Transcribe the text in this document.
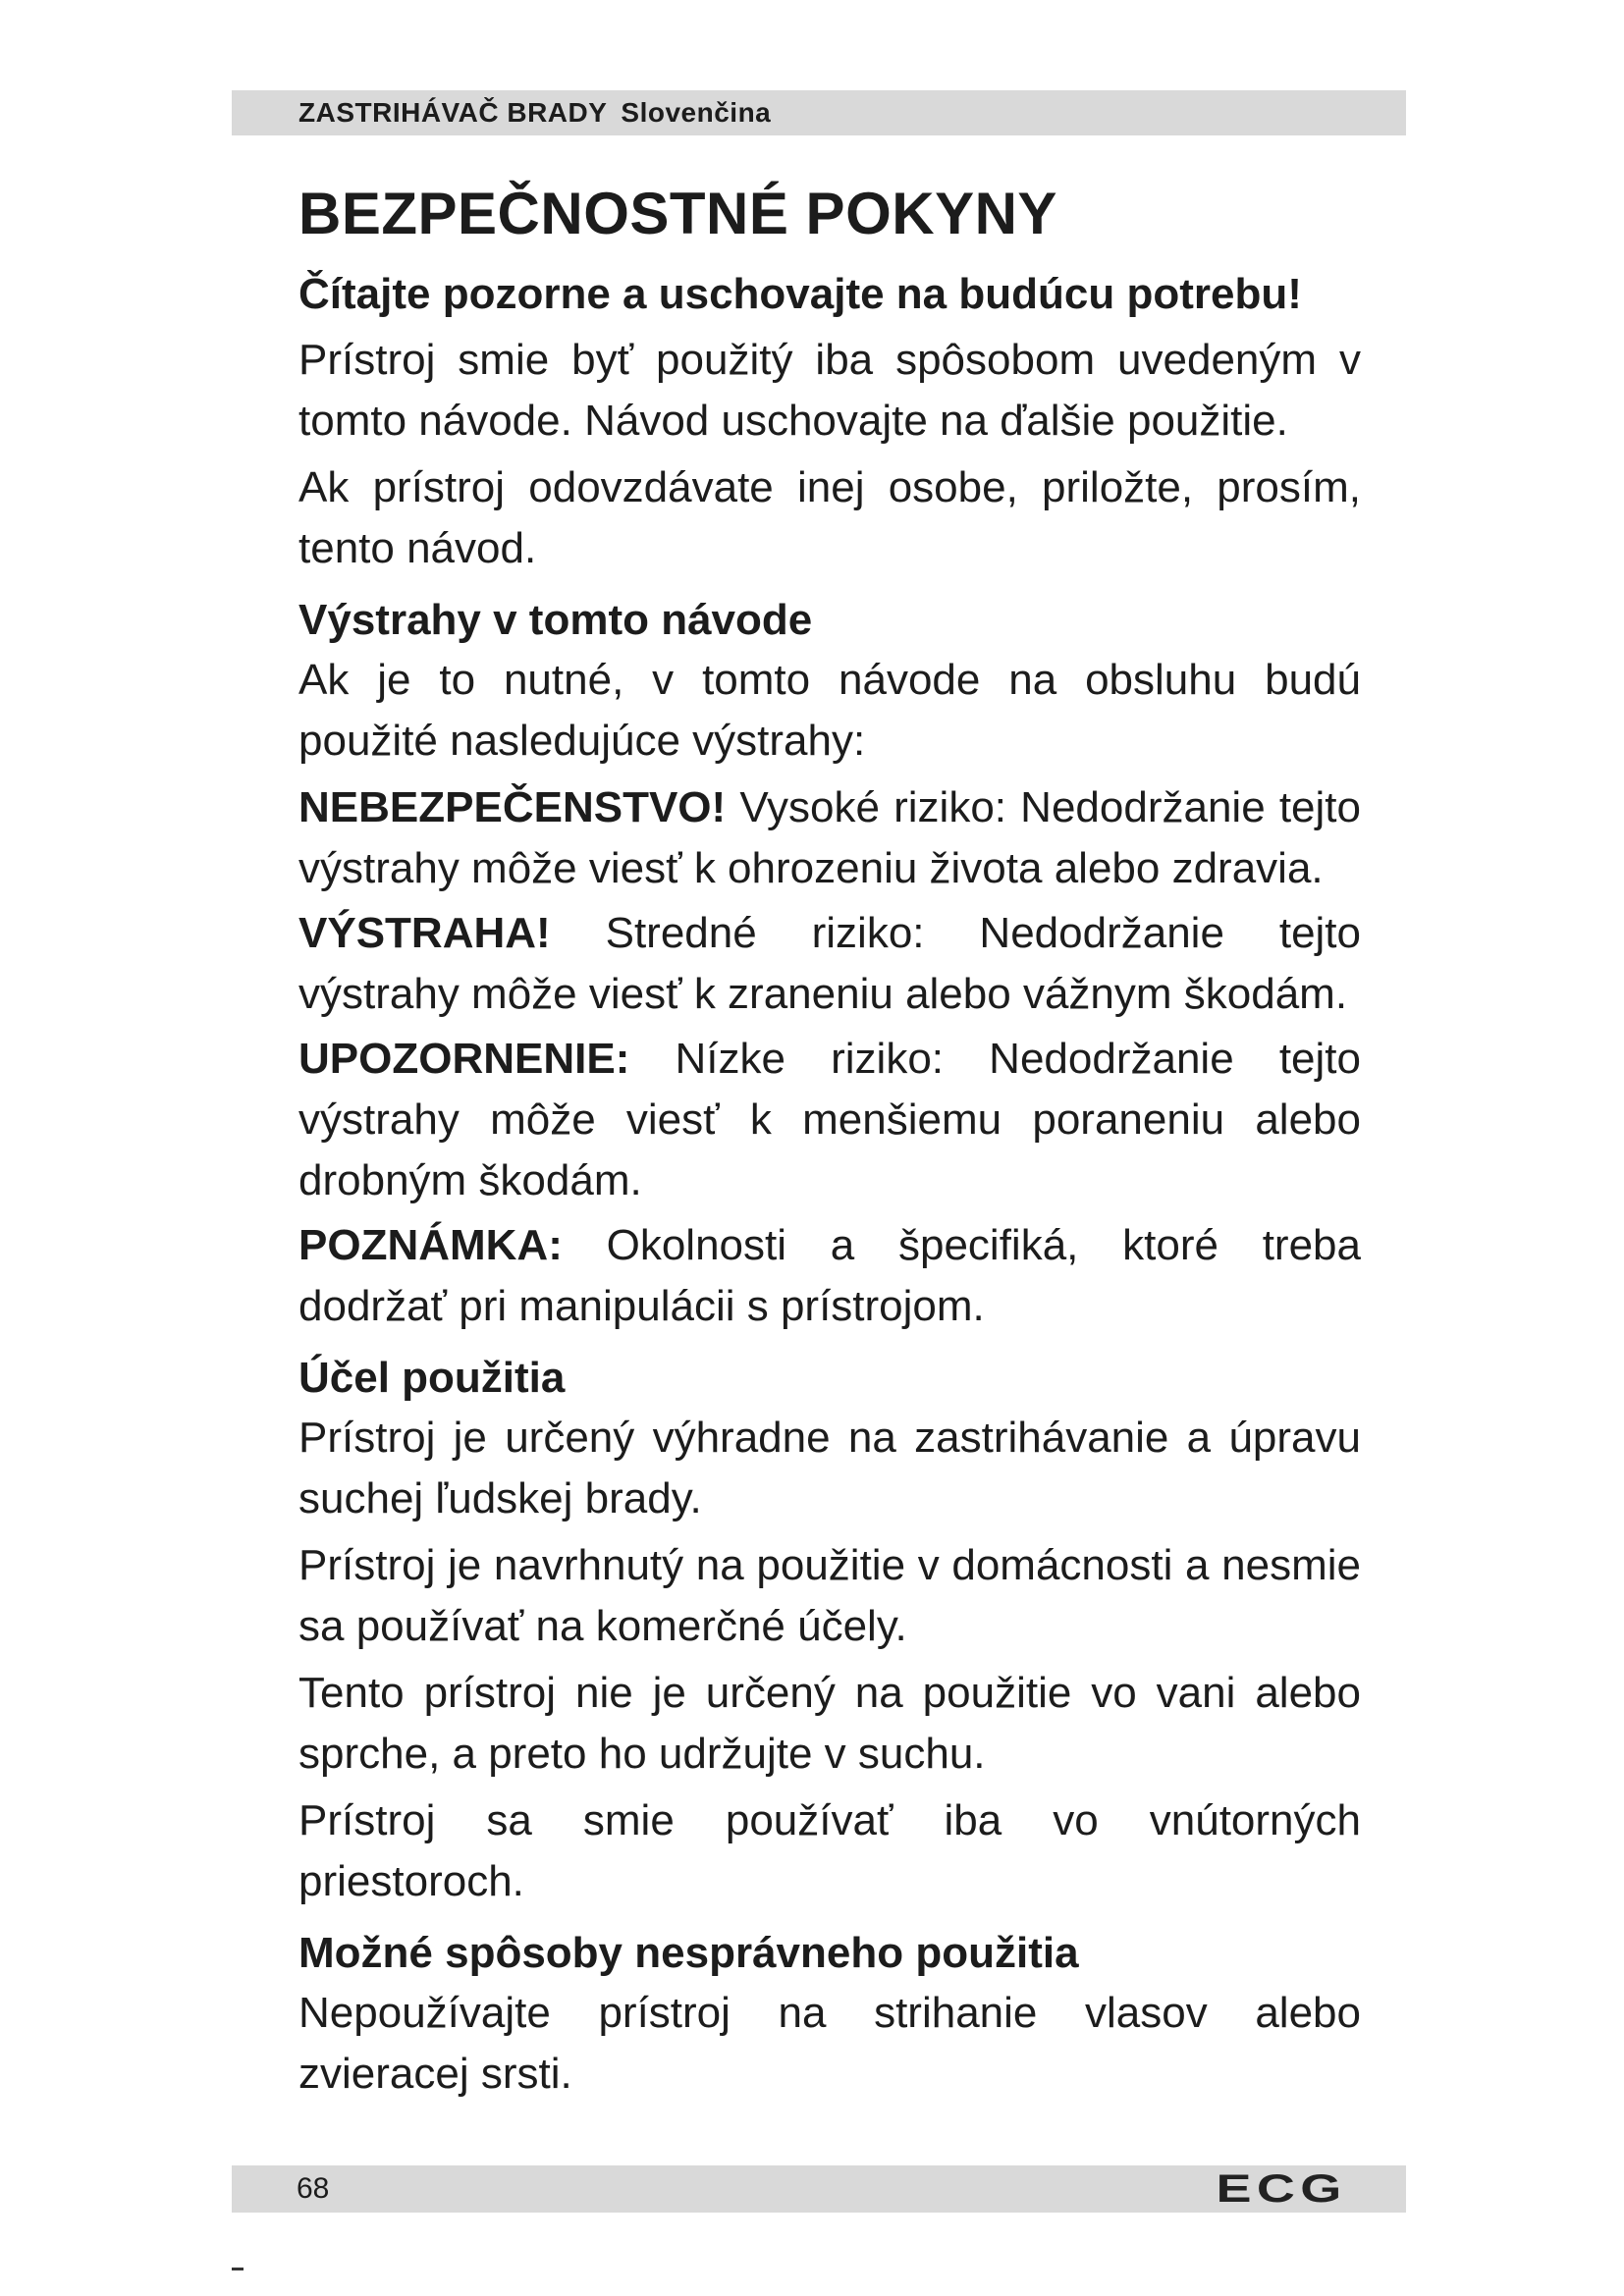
ZASTRIHÁVAČ BRADY Slovenčina
BEZPEČNOSTNÉ POKYNY
Čítajte pozorne a uschovajte na budúcu potrebu!

Prístroj smie byť použitý iba spôsobom uvedeným v tomto návode. Návod uschovajte na ďalšie použitie.

Ak prístroj odovzdávate inej osobe, priložte, prosím, tento návod.

Výstrahy v tomto návode

Ak je to nutné, v tomto návode na obsluhu budú použité nasledujúce výstrahy:

NEBEZPEČENSTVO! Vysoké riziko: Nedodržanie tejto výstrahy môže viesť k ohrozeniu života alebo zdravia.

VÝSTRAHA! Stredné riziko: Nedodržanie tejto výstrahy môže viesť k zraneniu alebo vážnym škodám.

UPOZORNENIE: Nízke riziko: Nedodržanie tejto výstrahy môže viesť k menšiemu poraneniu alebo drobným škodám.

POZNÁMKA: Okolnosti a špecifiká, ktoré treba dodržať pri manipulácii s prístrojom.

Účel použitia

Prístroj je určený výhradne na zastrihávanie a úpravu suchej ľudskej brady.

Prístroj je navrhnutý na použitie v domácnosti a nesmie sa používať na komerčné účely.

Tento prístroj nie je určený na použitie vo vani alebo sprche, a preto ho udržujte v suchu.

Prístroj sa smie používať iba vo vnútorných priestoroch.

Možné spôsoby nesprávneho použitia

Nepoužívajte prístroj na strihanie vlasov alebo zvieracej srsti.

68	ECG
